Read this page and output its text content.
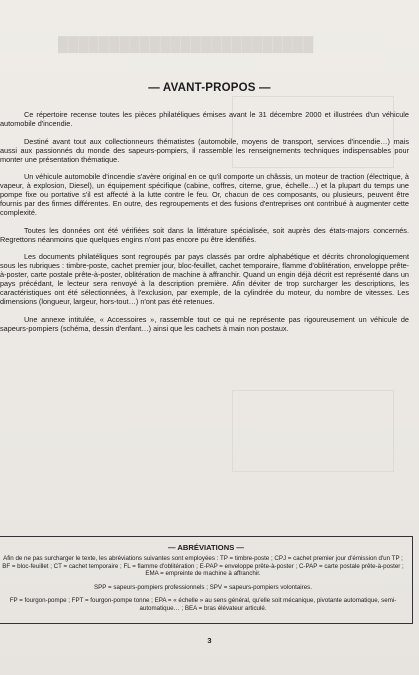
█████████████████████████
— AVANT-PROPOS —

Ce répertoire recense toutes les pièces philatéliques émises avant le 31 décembre 2000 et illustrées d'un véhicule automobile d'incendie.

Destiné avant tout aux collectionneurs thématistes (automobile, moyens de transport, services d'incendie…) mais aussi aux passionnés du monde des sapeurs-pompiers, il rassemble les renseignements techniques indispensables pour monter une présentation thématique.

Un véhicule automobile d'incendie s'avère original en ce qu'il comporte un châssis, un moteur de traction (électrique, à vapeur, à explosion, Diesel), un équipement spécifique (cabine, coffres, citerne, grue, échelle…) et la plupart du temps une pompe fixe ou portative s'il est affecté à la lutte contre le feu. Or, chacun de ces composants, ou plusieurs, peuvent être fournis par des firmes différentes. En outre, des regroupements et des fusions d'entreprises ont contribué à augmenter cette complexité.

Toutes les données ont été vérifiées soit dans la littérature spécialisée, soit auprès des états-majors concernés. Regrettons néanmoins que quelques engins n'ont pas encore pu être identifiés.

Les documents philatéliques sont regroupés par pays classés par ordre alphabétique et décrits chronologiquement sous les rubriques : timbre-poste, cachet premier jour, bloc-feuillet, cachet temporaire, flamme d'oblitération, enveloppe prête-à-poster, carte postale prête-à-poster, oblitération de machine à affranchir. Quand un engin déjà décrit est représenté dans un pays précédant, le lecteur sera renvoyé à la description première. Afin déviter de trop surcharger les descriptions, les caractéristiques ont été sélectionnées, à l'exclusion, par exemple, de la cylindrée du moteur, du nombre de vitesses. Les dimensions (longueur, largeur, hors-tout…) n'ont pas été retenues.

Une annexe intitulée, « Accessoires », rassemble tout ce qui ne représente pas rigoureusement un véhicule de sapeurs-pompiers (schéma, dessin d'enfant…) ainsi que les cachets à main non postaux.

— ABRÉVIATIONS —

Afin de ne pas surcharger le texte, les abréviations suivantes sont employées : TP = timbre-poste ; CPJ = cachet premier jour d'émission d'un TP ; BF = bloc-feuillet ; CT = cachet temporaire ; FL = flamme d'oblitération ; E-PAP = enveloppe prête-à-poster ; C-PAP = carte postale prête-à-poster ; EMA = empreinte de machine à affranchir.

SPP = sapeurs-pompiers professionnels ; SPV = sapeurs-pompiers volontaires.

FP = fourgon-pompe ; FPT = fourgon-pompe tonne ; EPA = « échelle » au sens général, qu'elle soit mécanique, pivotante automatique, semi-automatique… ; BEA = bras élévateur articulé.

3
